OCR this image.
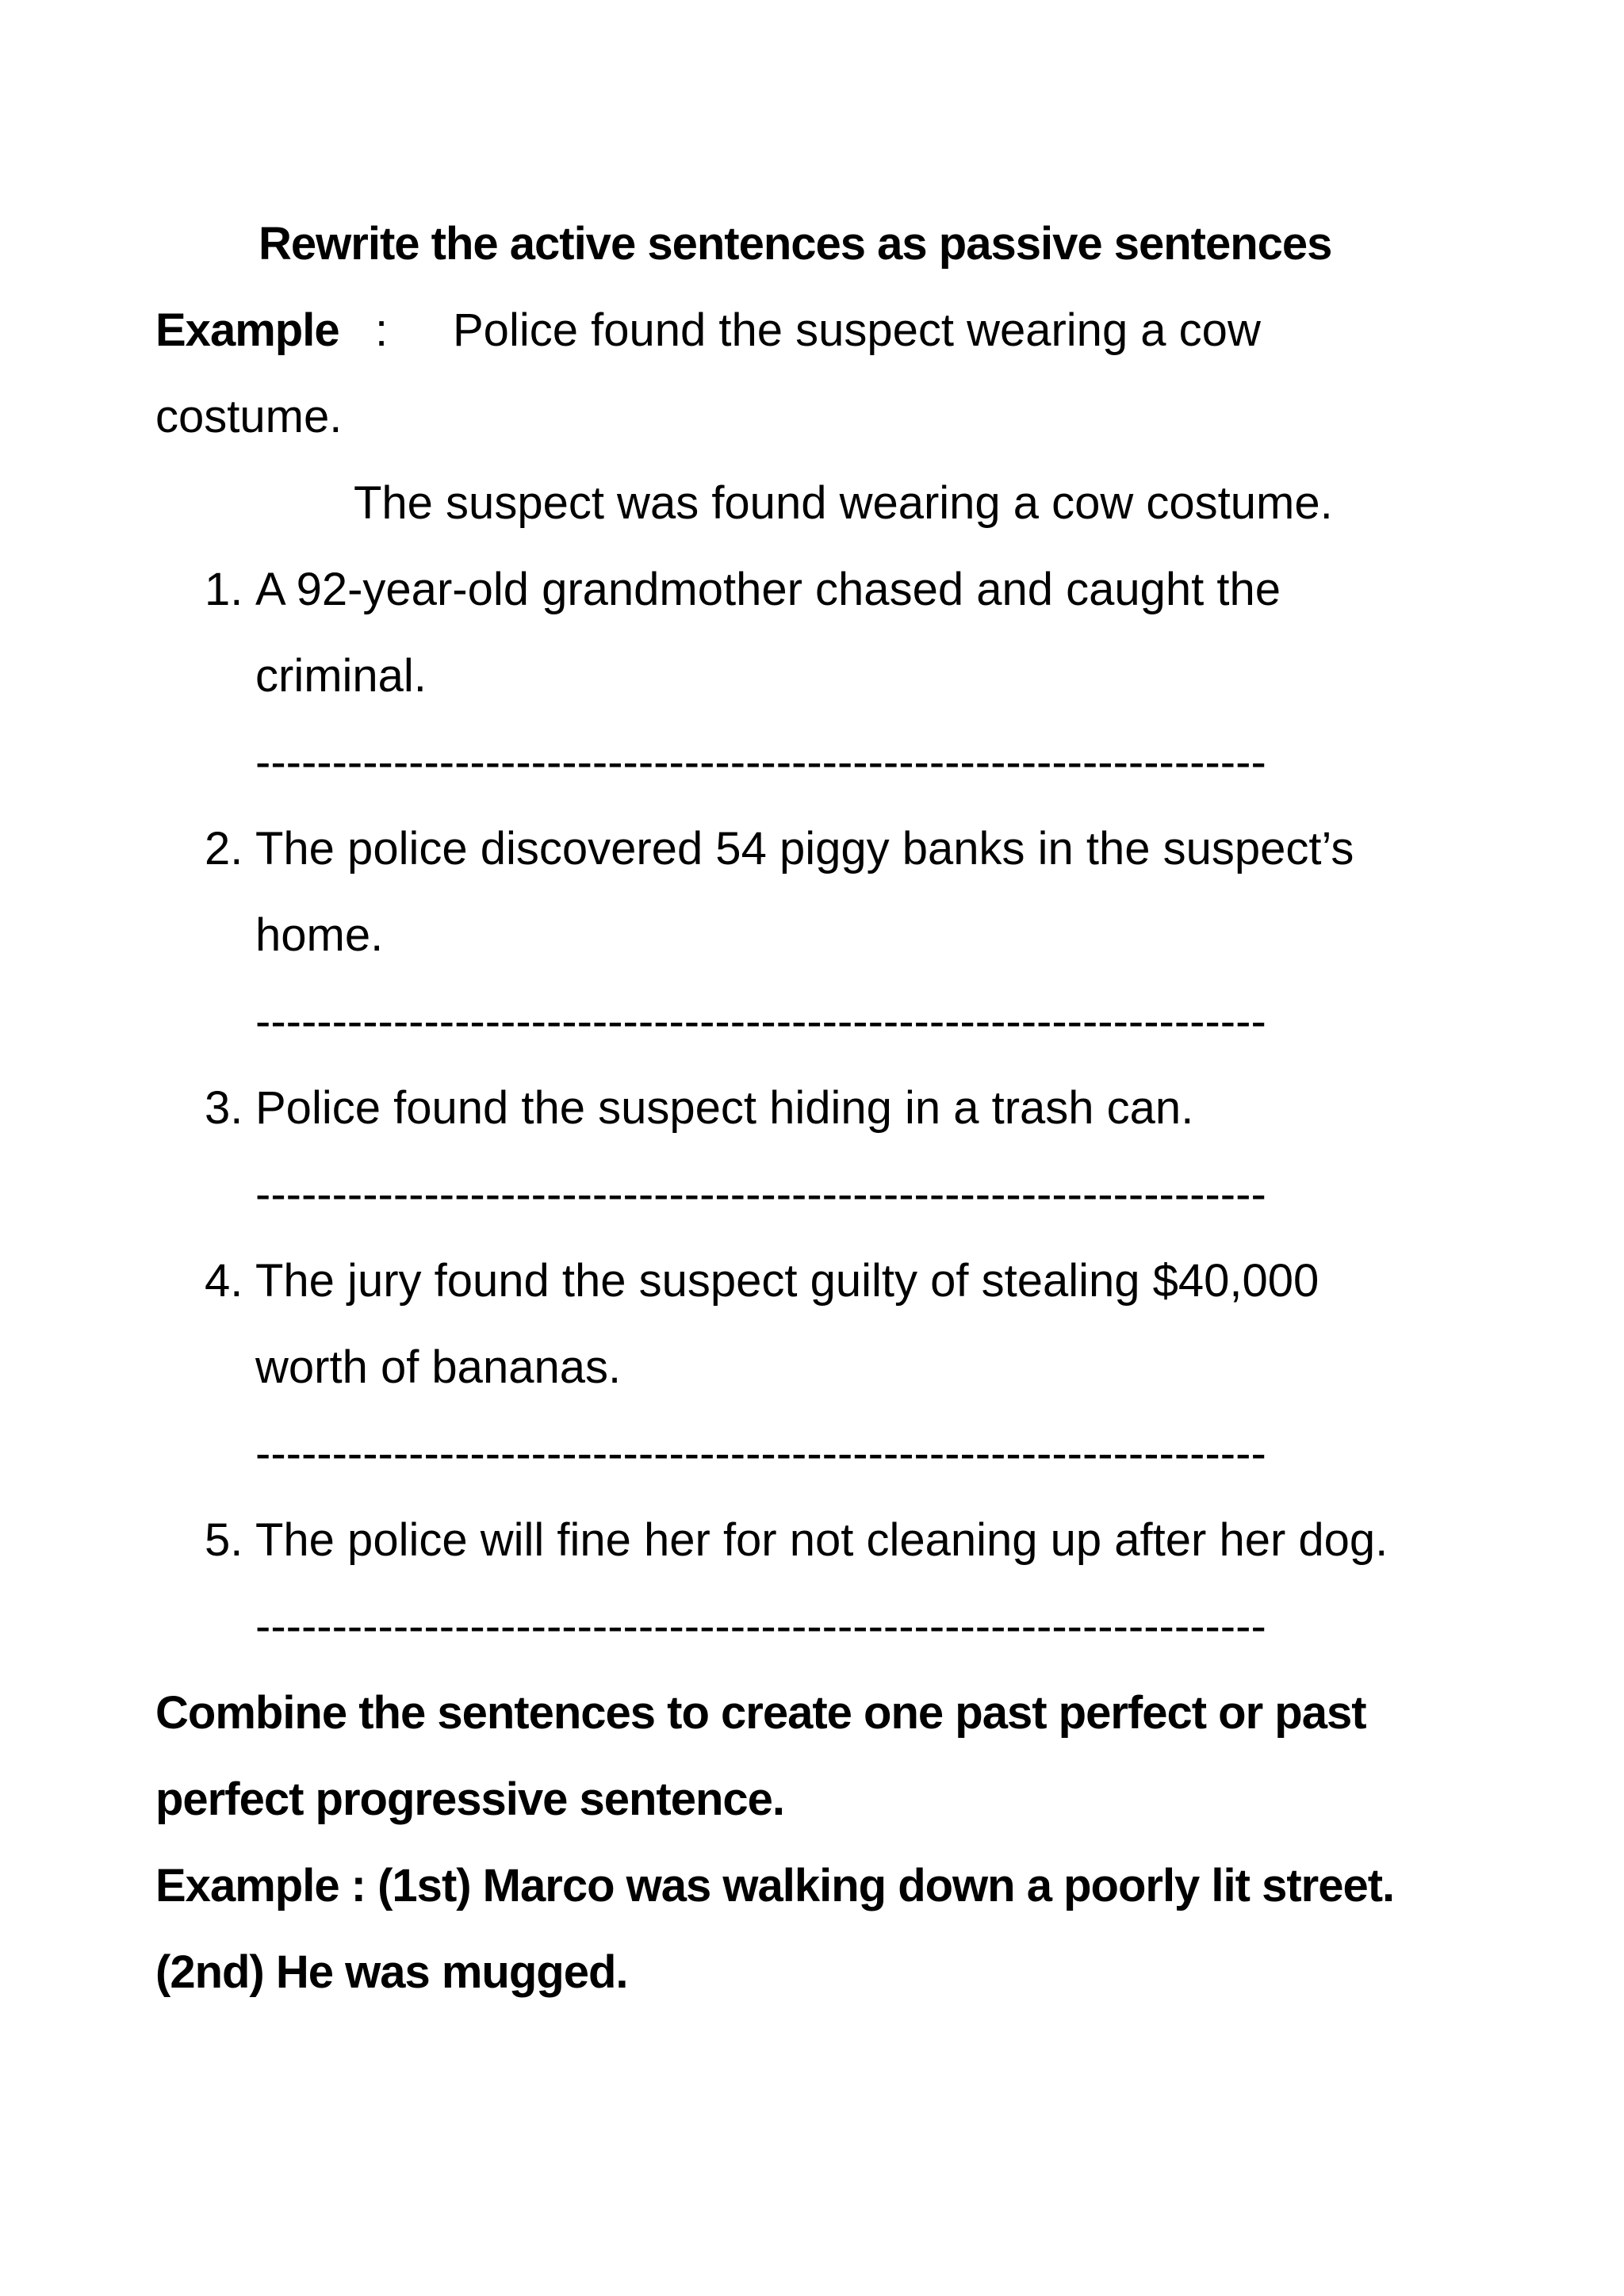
Rewrite the active sentences as passive sentences

Example : Police found the suspect wearing a cow

costume.

The suspect was found wearing a cow costume.

1. A 92-year-old grandmother chased and caught the

criminal.

------------------------------------------------------------------
2. The police discovered 54 piggy banks in the suspect’s

home.

------------------------------------------------------------------
3. Police found the suspect hiding in a trash can.

------------------------------------------------------------------
4. The jury found the suspect guilty of stealing $40,000

worth of bananas.

------------------------------------------------------------------
5. The police will fine her for not cleaning up after her dog.

------------------------------------------------------------------

Combine the sentences to create one past perfect or past

perfect progressive sentence.

Example : (1st) Marco was walking down a poorly lit street.

(2nd) He was mugged.
